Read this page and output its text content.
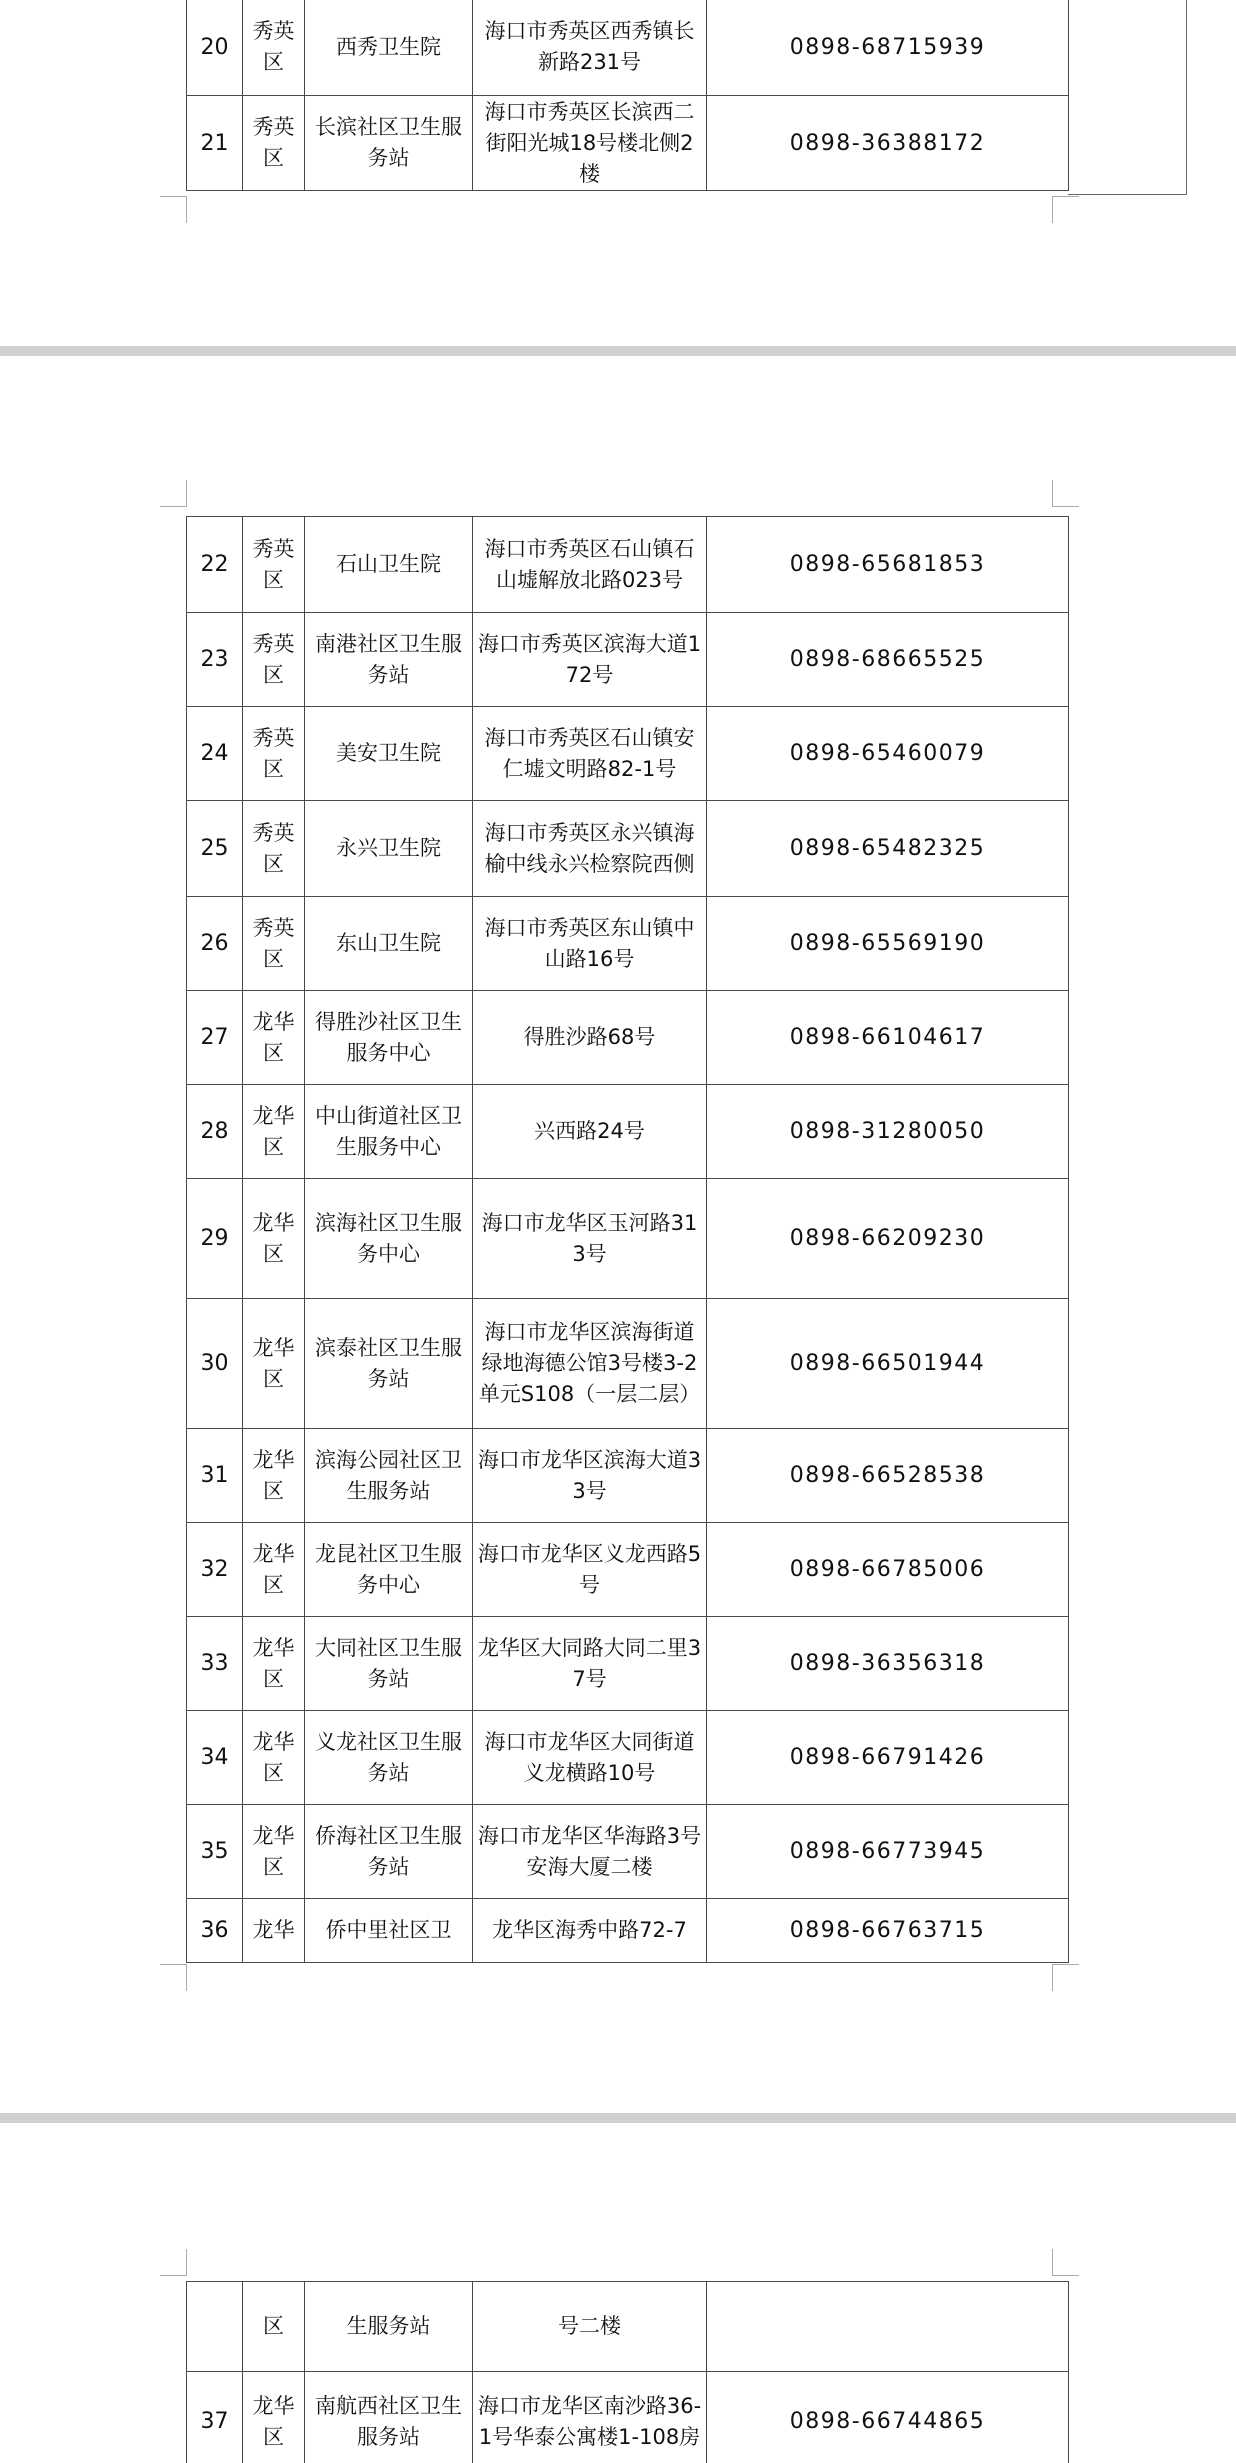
20	秀英区	西秀卫生院	海口市秀英区西秀镇长新路231号	0898-68715939
21	秀英区	长滨社区卫生服务站	海口市秀英区长滨西二街阳光城18号楼北侧2楼	0898-36388172
22	秀英区	石山卫生院	海口市秀英区石山镇石山墟解放北路023号	0898-65681853
23	秀英区	南港社区卫生服务站	海口市秀英区滨海大道172号	0898-68665525
24	秀英区	美安卫生院	海口市秀英区石山镇安仁墟文明路82-1号	0898-65460079
25	秀英区	永兴卫生院	海口市秀英区永兴镇海榆中线永兴检察院西侧	0898-65482325
26	秀英区	东山卫生院	海口市秀英区东山镇中山路16号	0898-65569190
27	龙华区	得胜沙社区卫生服务中心	得胜沙路68号	0898-66104617
28	龙华区	中山街道社区卫生服务中心	兴西路24号	0898-31280050
29	龙华区	滨海社区卫生服务中心	海口市龙华区玉河路313号	0898-66209230
30	龙华区	滨泰社区卫生服务站	海口市龙华区滨海街道绿地海德公馆3号楼3-2单元S108（一层二层）	0898-66501944
31	龙华区	滨海公园社区卫生服务站	海口市龙华区滨海大道33号	0898-66528538
32	龙华区	龙昆社区卫生服务中心	海口市龙华区义龙西路5号	0898-66785006
33	龙华区	大同社区卫生服务站	龙华区大同路大同二里37号	0898-36356318
34	龙华区	义龙社区卫生服务站	海口市龙华区大同街道义龙横路10号	0898-66791426
35	龙华区	侨海社区卫生服务站	海口市龙华区华海路3号安海大厦二楼	0898-66773945
36	龙华	侨中里社区卫	龙华区海秀中路72-7	0898-66763715
	区	生服务站	号二楼	
37	龙华区	南航西社区卫生服务站	海口市龙华区南沙路36-1号华泰公寓楼1-108房	0898-66744865
